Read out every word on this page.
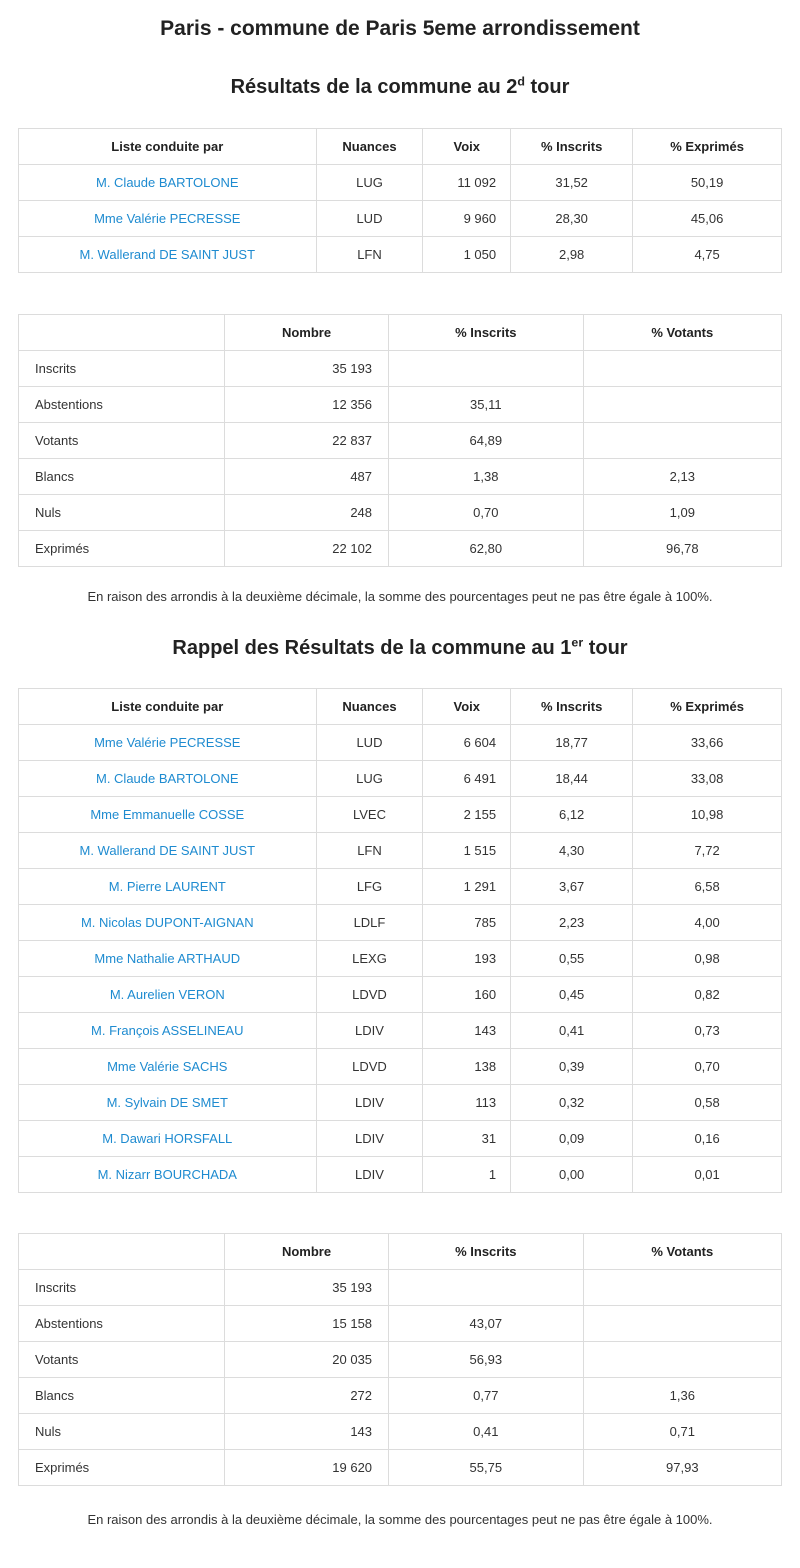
Paris - commune de Paris 5eme arrondissement
Résultats de la commune au 2$^d$ tour
Liste conduite par	Nuances	Voix	% Inscrits	% Exprimés
M. Claude BARTOLONE	LUG	11 092	31,52	50,19
Mme Valérie PECRESSE	LUD	9 960	28,30	45,06
M. Wallerand DE SAINT JUST	LFN	1 050	2,98	4,75
	Nombre	% Inscrits	% Votants
Inscrits	35 193		
Abstentions	12 356	35,11	
Votants	22 837	64,89	
Blancs	487	1,38	2,13
Nuls	248	0,70	1,09
Exprimés	22 102	62,80	96,78

En raison des arrondis à la deuxième décimale, la somme des pourcentages peut ne pas être égale à 100%.

Rappel des Résultats de la commune au 1er tour
Liste conduite par	Nuances	Voix	% Inscrits	% Exprimés
Mme Valérie PECRESSE	LUD	6 604	18,77	33,66
M. Claude BARTOLONE	LUG	6 491	18,44	33,08
Mme Emmanuelle COSSE	LVEC	2 155	6,12	10,98
M. Wallerand DE SAINT JUST	LFN	1 515	4,30	7,72
M. Pierre LAURENT	LFG	1 291	3,67	6,58
M. Nicolas DUPONT-AIGNAN	LDLF	785	2,23	4,00
Mme Nathalie ARTHAUD	LEXG	193	0,55	0,98
M. Aurelien VERON	LDVD	160	0,45	0,82
M. François ASSELINEAU	LDIV	143	0,41	0,73
Mme Valérie SACHS	LDVD	138	0,39	0,70
M. Sylvain DE SMET	LDIV	113	0,32	0,58
M. Dawari HORSFALL	LDIV	31	0,09	0,16
M. Nizarr BOURCHADA	LDIV	1	0,00	0,01
	Nombre	% Inscrits	% Votants
Inscrits	35 193		
Abstentions	15 158	43,07	
Votants	20 035	56,93	
Blancs	272	0,77	1,36
Nuls	143	0,41	0,71
Exprimés	19 620	55,75	97,93

En raison des arrondis à la deuxième décimale, la somme des pourcentages peut ne pas être égale à 100%.
